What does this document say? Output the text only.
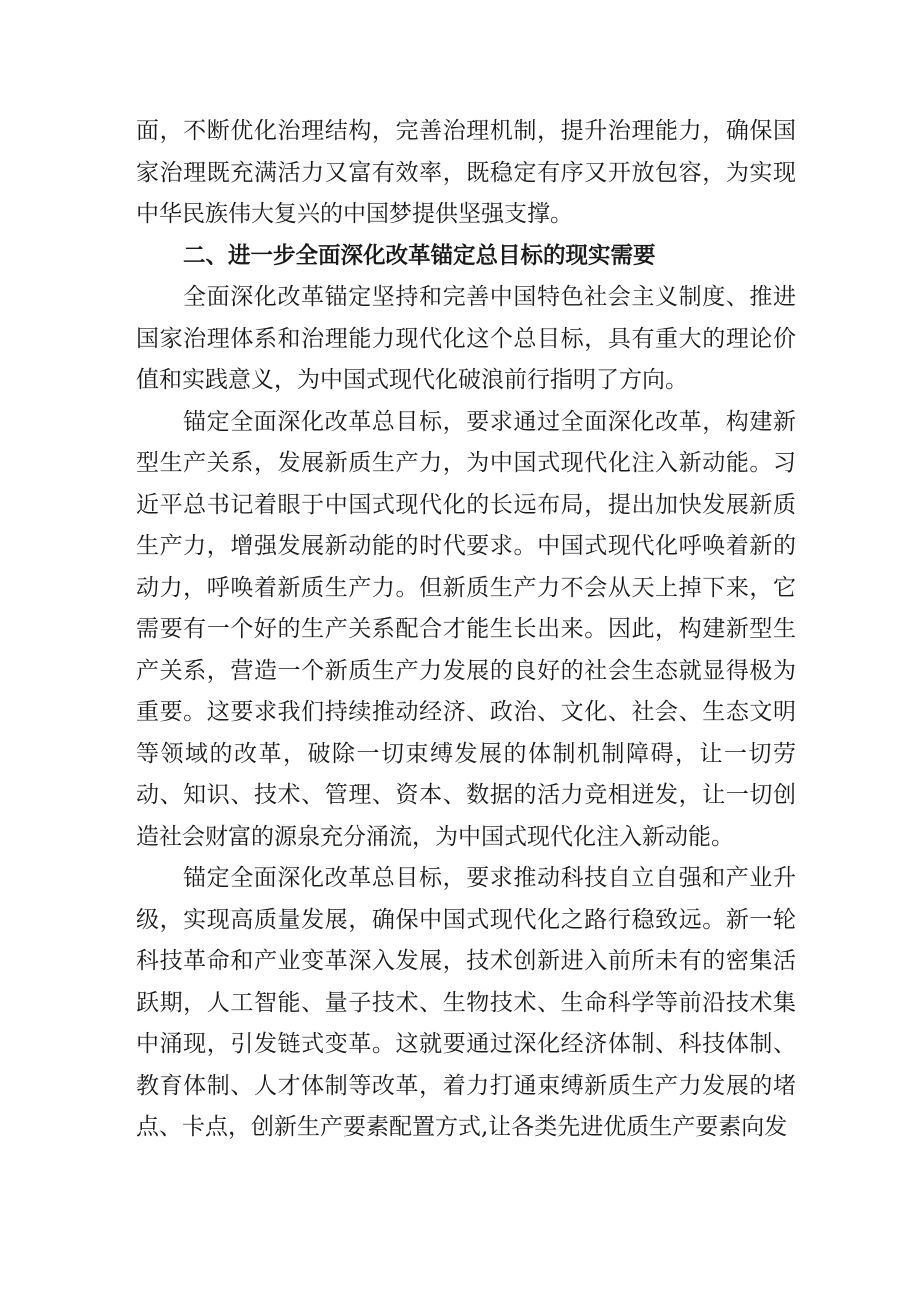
面，不断优化治理结构，完善治理机制，提升治理能力，确保国家治理既充满活力又富有效率，既稳定有序又开放包容，为实现中华民族伟大复兴的中国梦提供坚强支撑。

二、进一步全面深化改革锚定总目标的现实需要

全面深化改革锚定坚持和完善中国特色社会主义制度、推进国家治理体系和治理能力现代化这个总目标，具有重大的理论价值和实践意义，为中国式现代化破浪前行指明了方向。

锚定全面深化改革总目标，要求通过全面深化改革，构建新型生产关系，发展新质生产力，为中国式现代化注入新动能。习近平总书记着眼于中国式现代化的长远布局，提出加快发展新质生产力，增强发展新动能的时代要求。中国式现代化呼唤着新的动力，呼唤着新质生产力。但新质生产力不会从天上掉下来，它需要有一个好的生产关系配合才能生长出来。因此，构建新型生产关系，营造一个新质生产力发展的良好的社会生态就显得极为重要。这要求我们持续推动经济、政治、文化、社会、生态文明等领域的改革，破除一切束缚发展的体制机制障碍，让一切劳动、知识、技术、管理、资本、数据的活力竞相迸发，让一切创造社会财富的源泉充分涌流，为中国式现代化注入新动能。

锚定全面深化改革总目标，要求推动科技自立自强和产业升级，实现高质量发展，确保中国式现代化之路行稳致远。新一轮科技革命和产业变革深入发展，技术创新进入前所未有的密集活跃期，人工智能、量子技术、生物技术、生命科学等前沿技术集中涌现，引发链式变革。这就要通过深化经济体制、科技体制、教育体制、人才体制等改革，着力打通束缚新质生产力发展的堵点、卡点，创新生产要素配置方式,让各类先进优质生产要素向发
